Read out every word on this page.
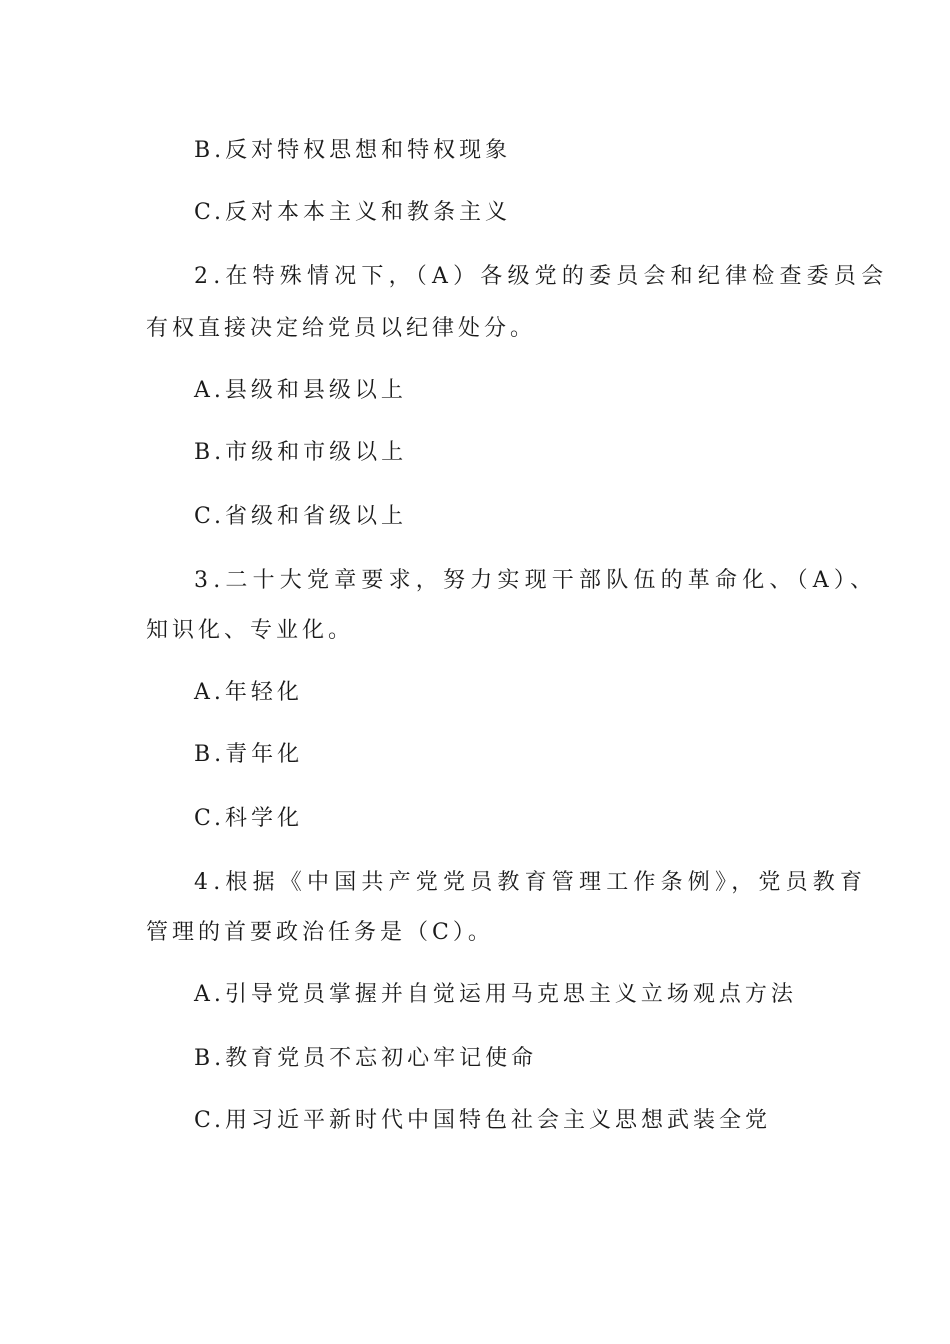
B.反对特权思想和特权现象
C.反对本本主义和教条主义
2.在特殊情况下，（A）各级党的委员会和纪律检查委员会
有权直接决定给党员以纪律处分。
A.县级和县级以上
B.市级和市级以上
C.省级和省级以上
3.二十大党章要求，努力实现干部队伍的革命化、（A）、
知识化、专业化。
A.年轻化
B.青年化
C.科学化
4.根据《中国共产党党员教育管理工作条例》，党员教育
管理的首要政治任务是（C）。
A.引导党员掌握并自觉运用马克思主义立场观点方法
B.教育党员不忘初心牢记使命
C.用习近平新时代中国特色社会主义思想武装全党
